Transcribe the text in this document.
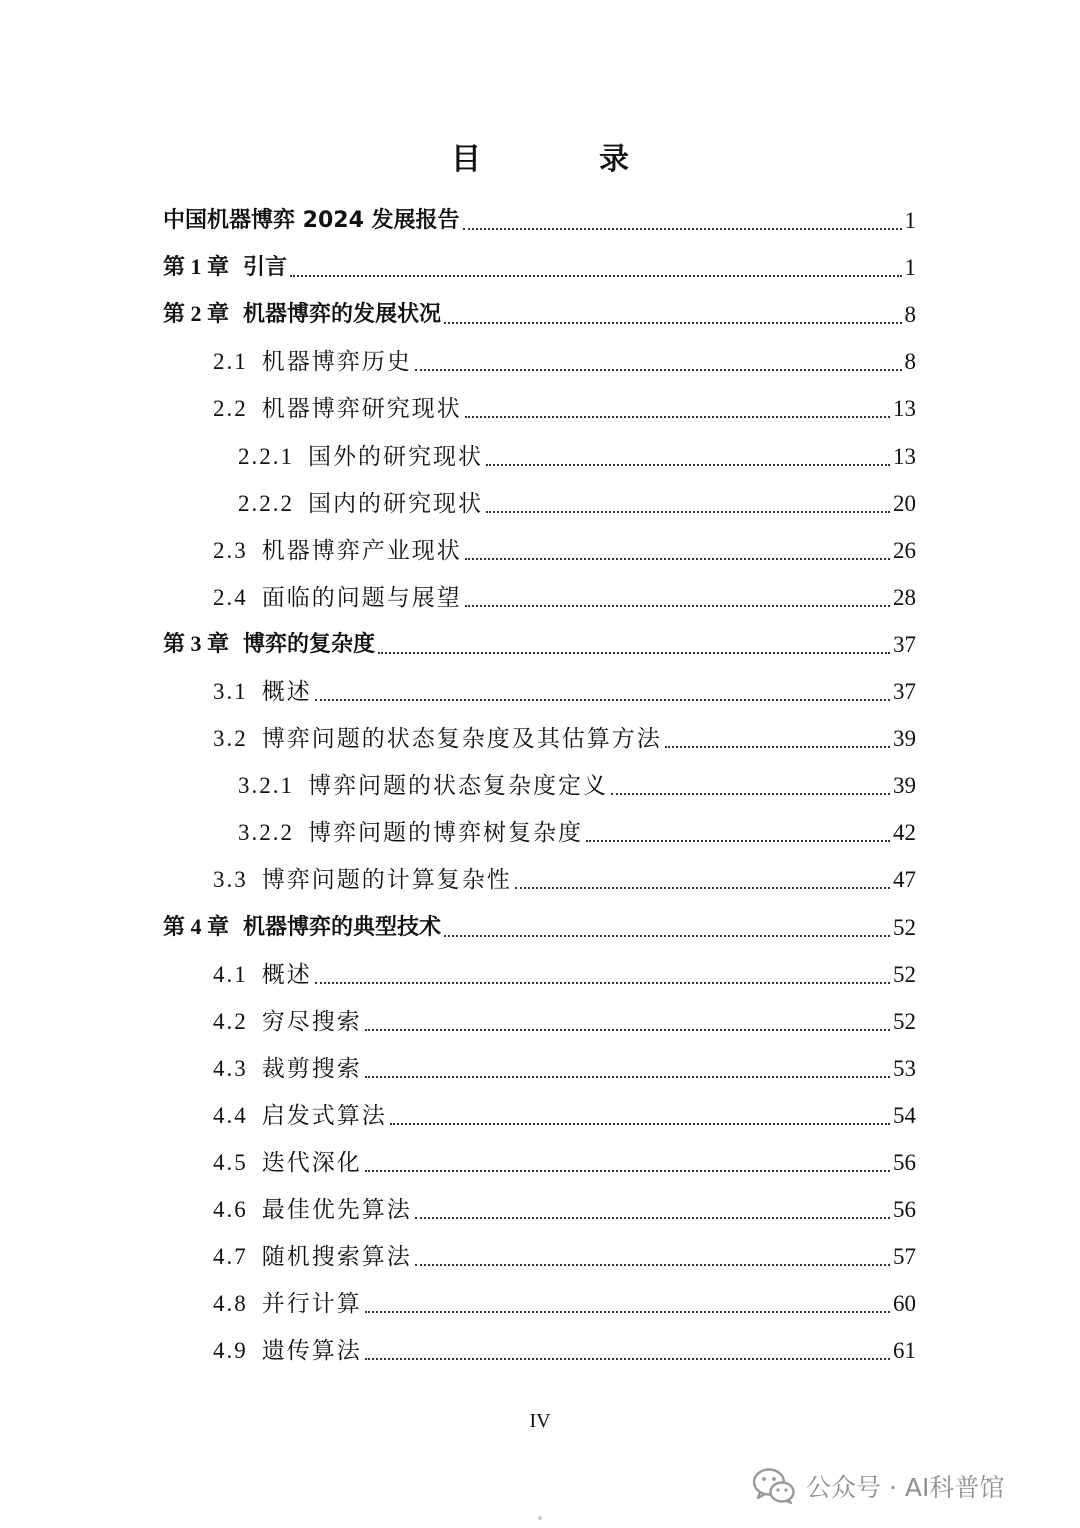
目　录
中国机器博弈 2024 发展报告	1
第 1 章 引言	1
第 2 章 机器博弈的发展状况	8
2.1 机器博弈历史	8
2.2 机器博弈研究现状	13
2.2.1 国外的研究现状	13
2.2.2 国内的研究现状	20
2.3 机器博弈产业现状	26
2.4 面临的问题与展望	28
第 3 章 博弈的复杂度	37
3.1 概述	37
3.2 博弈问题的状态复杂度及其估算方法	39
3.2.1 博弈问题的状态复杂度定义	39
3.2.2 博弈问题的博弈树复杂度	42
3.3 博弈问题的计算复杂性	47
第 4 章 机器博弈的典型技术	52
4.1 概述	52
4.2 穷尽搜索	52
4.3 裁剪搜索	53
4.4 启发式算法	54
4.5 迭代深化	56
4.6 最佳优先算法	56
4.7 随机搜索算法	57
4.8 并行计算	60
4.9 遗传算法	61
IV
公众号 · AI科普馆
